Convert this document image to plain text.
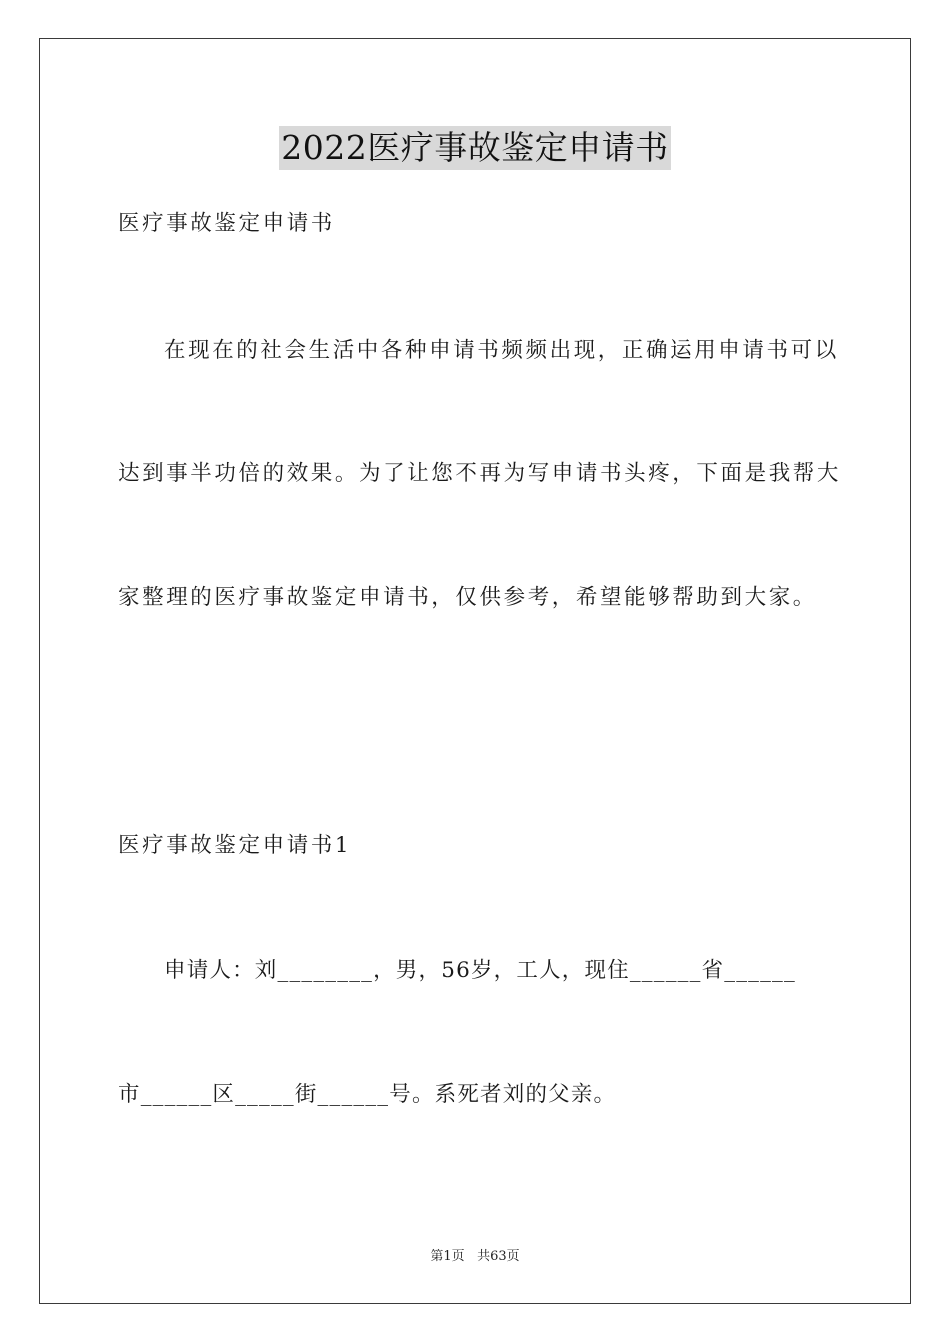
2022医疗事故鉴定申请书
医疗事故鉴定申请书
在现在的社会生活中各种申请书频频出现，正确运用申请书可以
达到事半功倍的效果。为了让您不再为写申请书头疼，下面是我帮大
家整理的医疗事故鉴定申请书，仅供参考，希望能够帮助到大家。
医疗事故鉴定申请书1
申请人：刘________，男，56岁，工人，现住______省______
市______区_____街______号。系死者刘的父亲。
第1页 共63页
